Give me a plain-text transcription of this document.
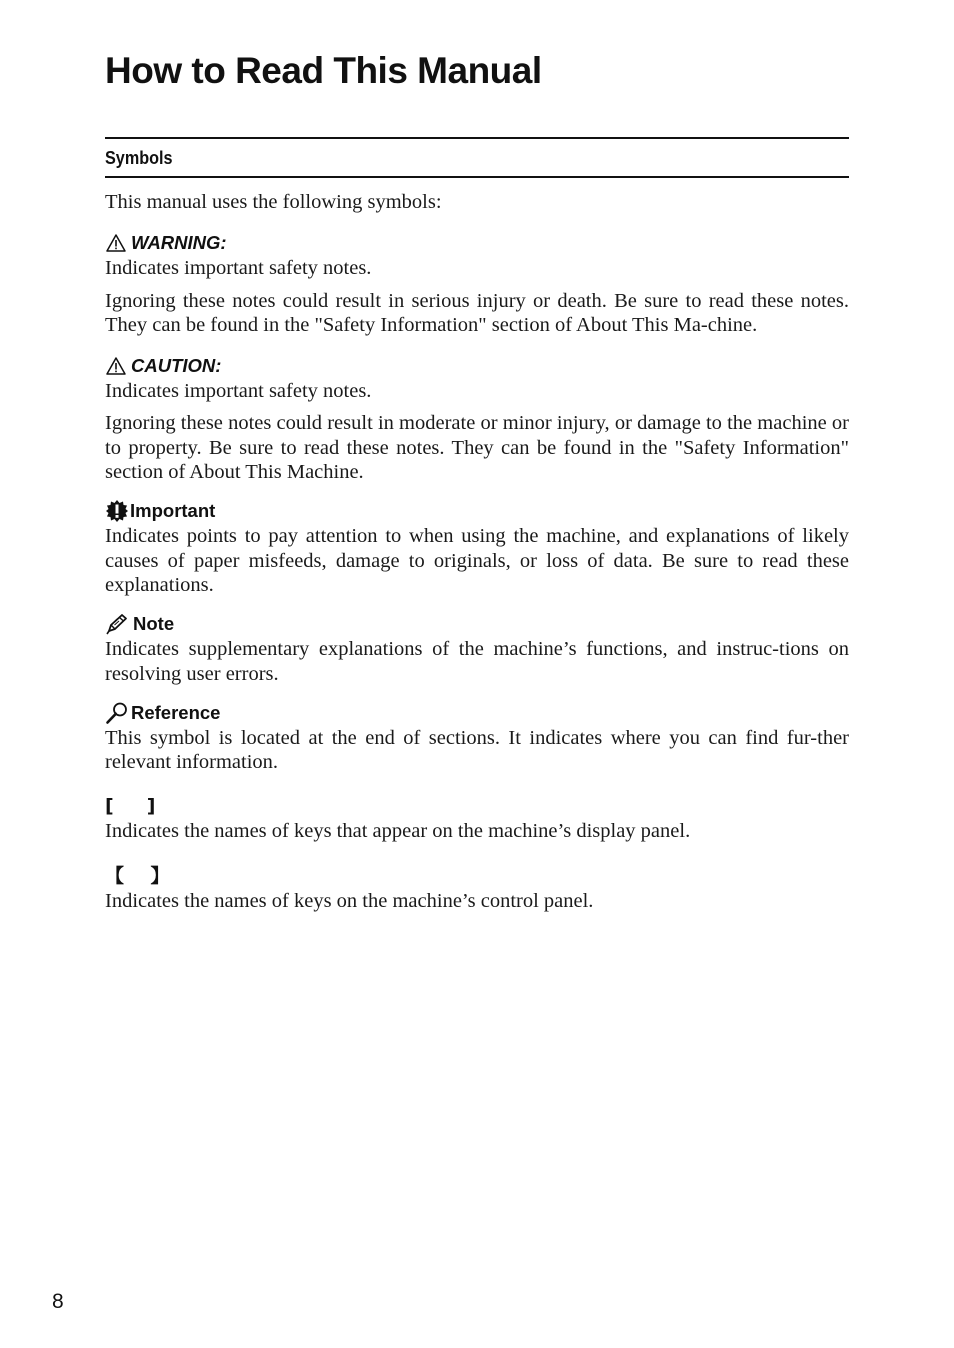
How to Read This Manual
Symbols

This manual uses the following symbols:

WARNING:

Indicates important safety notes.

Ignoring these notes could result in serious injury or death. Be sure to read these notes. They can be found in the "Safety Information" section of About This Ma-chine.

CAUTION:

Indicates important safety notes.

Ignoring these notes could result in moderate or minor injury, or damage to the machine or to property. Be sure to read these notes. They can be found in the "Safety Information" section of About This Machine.

Important

Indicates points to pay attention to when using the machine, and explanations of likely causes of paper misfeeds, damage to originals, or loss of data. Be sure to read these explanations.

Note

Indicates supplementary explanations of the machine’s functions, and instruc-tions on resolving user errors.

Reference

This symbol is located at the end of sections. It indicates where you can find fur-ther relevant information.

[     ]

Indicates the names of keys that appear on the machine’s display panel.

【    】

Indicates the names of keys on the machine’s control panel.

8
